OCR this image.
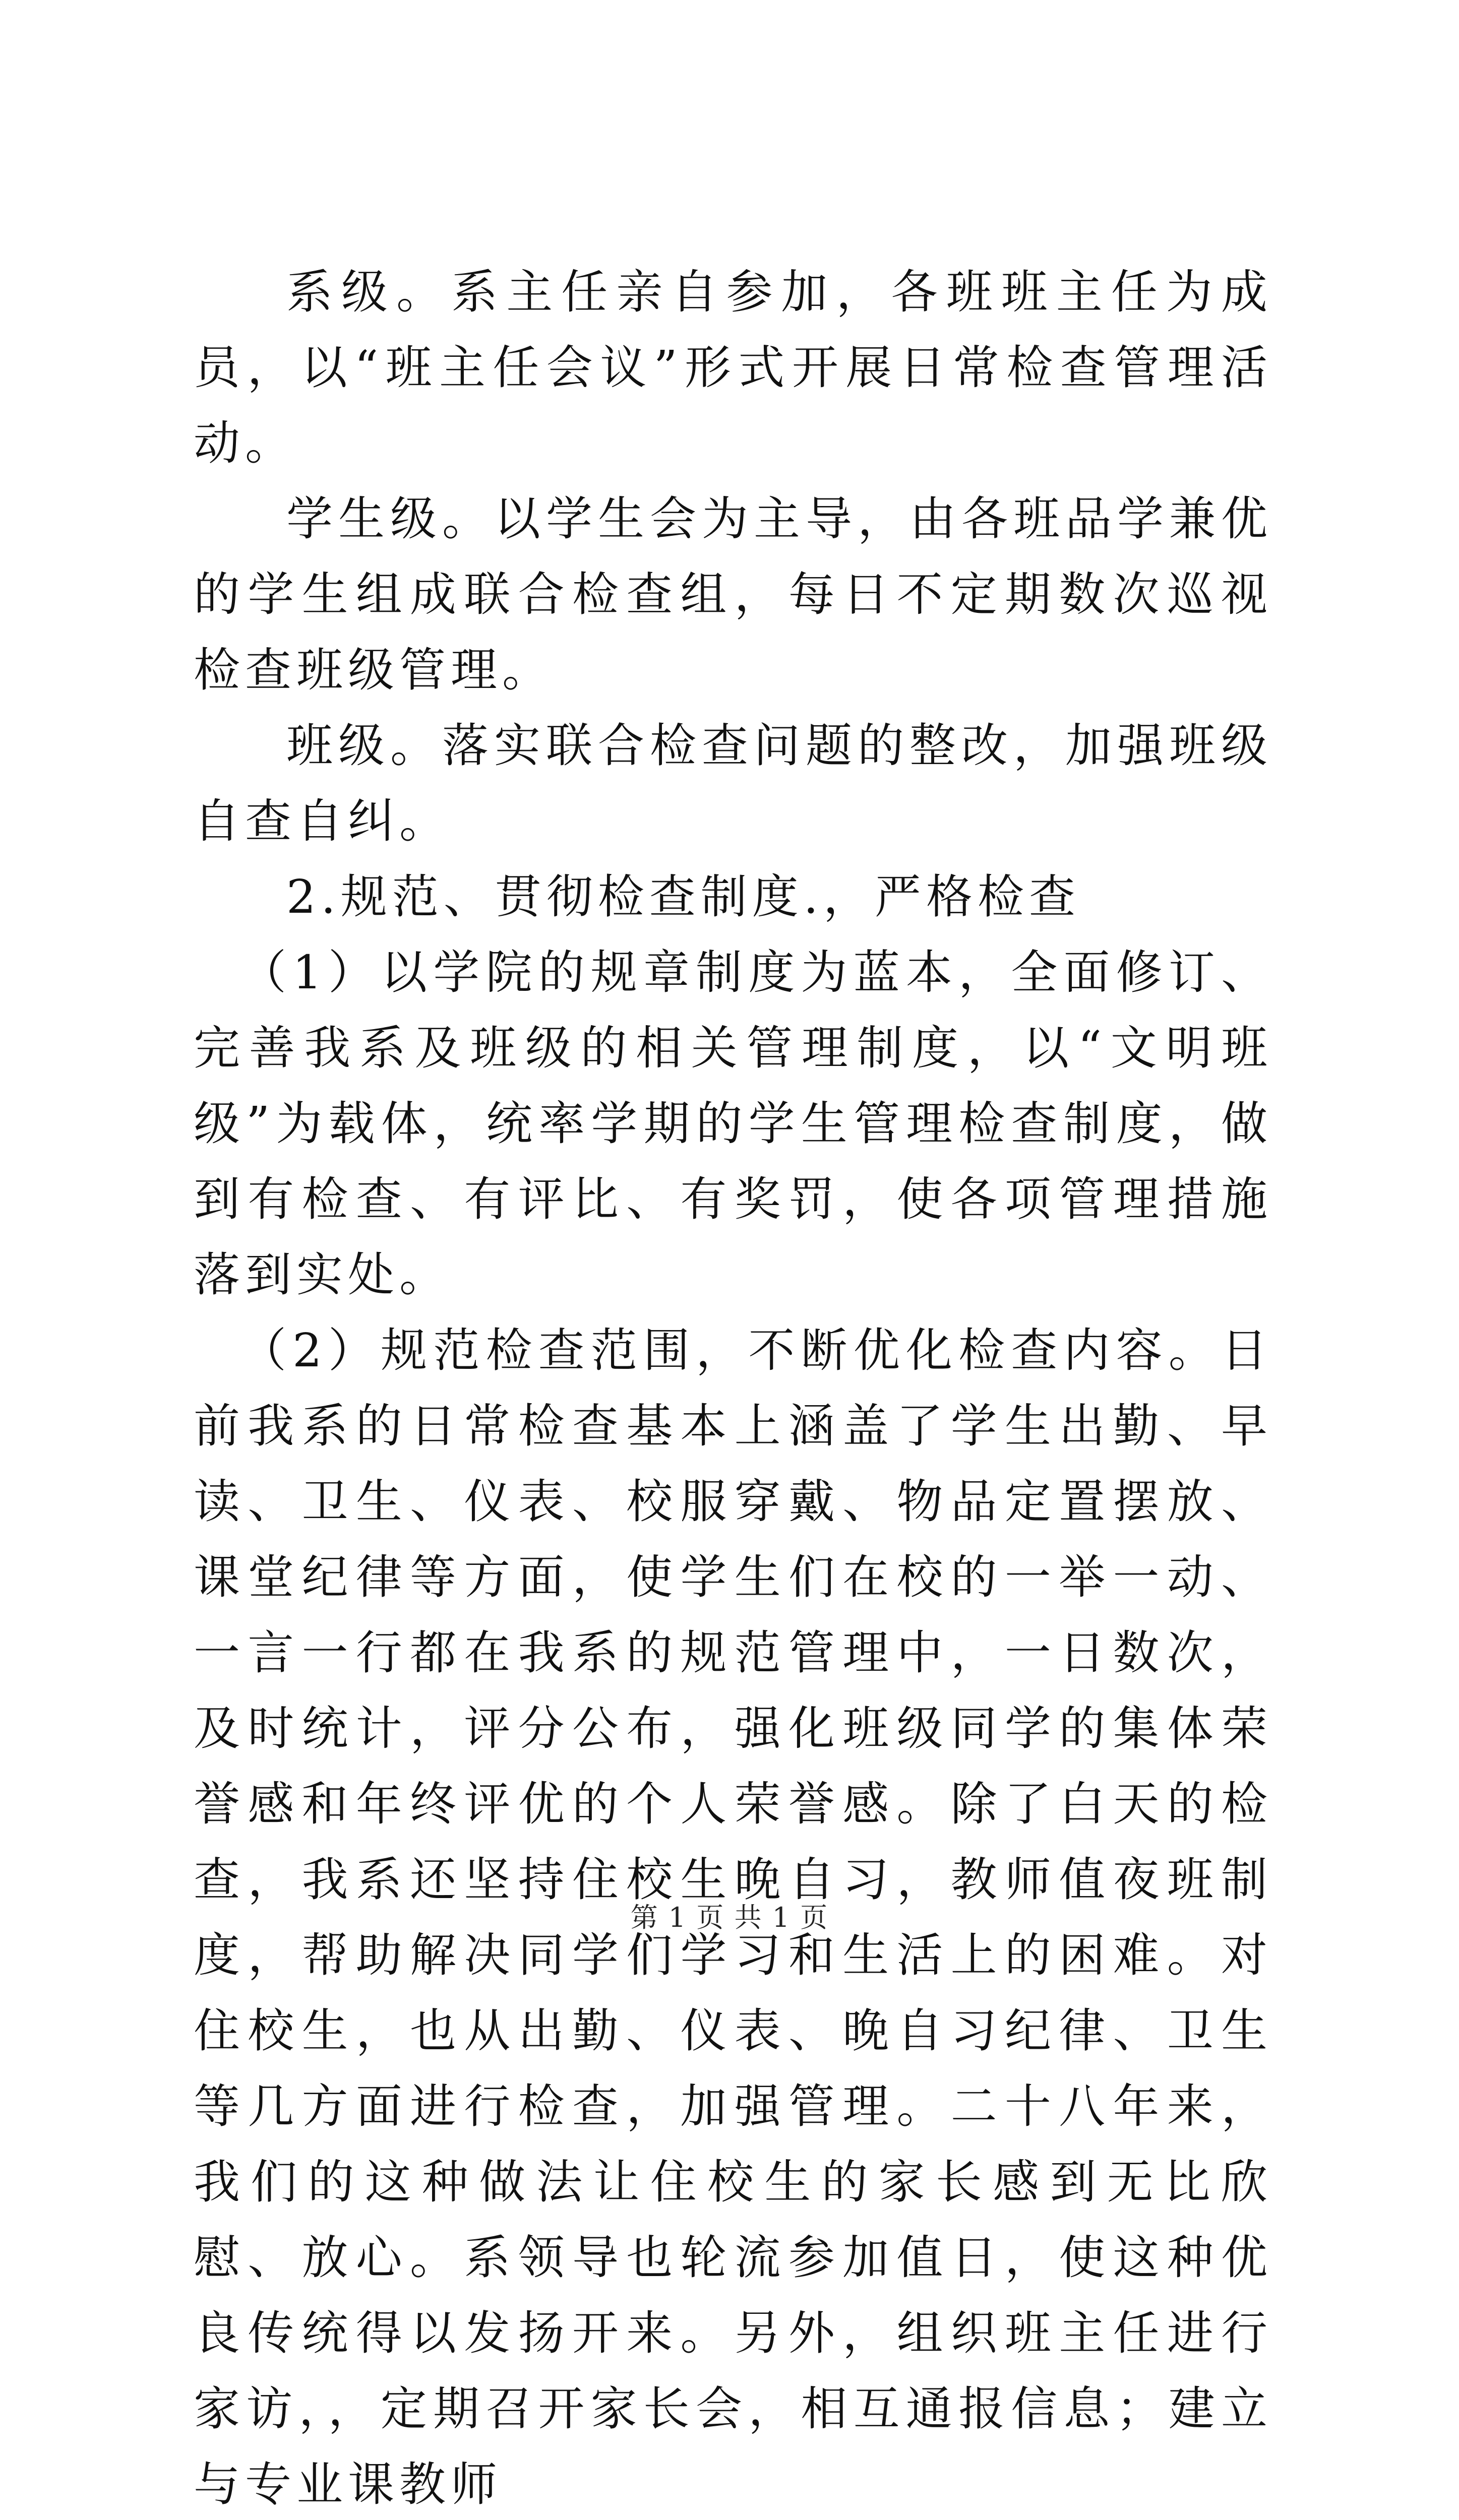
系级。系主任亲自参加，各班班主任为成员，以“班主任会议”形式开展日常检查管理活动。

学生级。以学生会为主导，由各班品学兼优的学生组成联合检查组，每日不定期数次巡视检查班级管理。

班级。落实联合检查问题的整改，加强班级自查自纠。

2.规范、贯彻检查制度.，严格检查

（1）以学院的规章制度为蓝本，全面修订、完善我系及班级的相关管理制度，以“文明班级”为载体，统率学期的学生管理检查制度，做到有检查、有评比、有奖罚，使各项管理措施落到实处。

（2）规范检查范围，不断优化检查内容。日前我系的日常检查基本上涵盖了学生出勤、早读、卫生、仪表、校服穿戴、物品定置摆放、课堂纪律等方面，使学生们在校的一举一动、一言一行都在我系的规范管理中，一日数次，及时统计，评分公布，强化班级同学的集体荣誉感和年终评优的个人荣誉感。除了白天的检查，我系还坚持住校生晚自习，教师值夜班制度，帮助解决同学们学习和生活上的困难。对住校生，也从出勤、仪表、晚自习纪律、卫生等几方面进行检查，加强管理。二十八年来，我们的这种做法让住校生的家长感到无比欣慰、放心。系领导也轮流参加值日，使这种优良传统得以发扬开来。另外，组织班主任进行家访，，定期召开家长会，相互通报信息；建立与专业课教师

第 1 页 共 1 页
